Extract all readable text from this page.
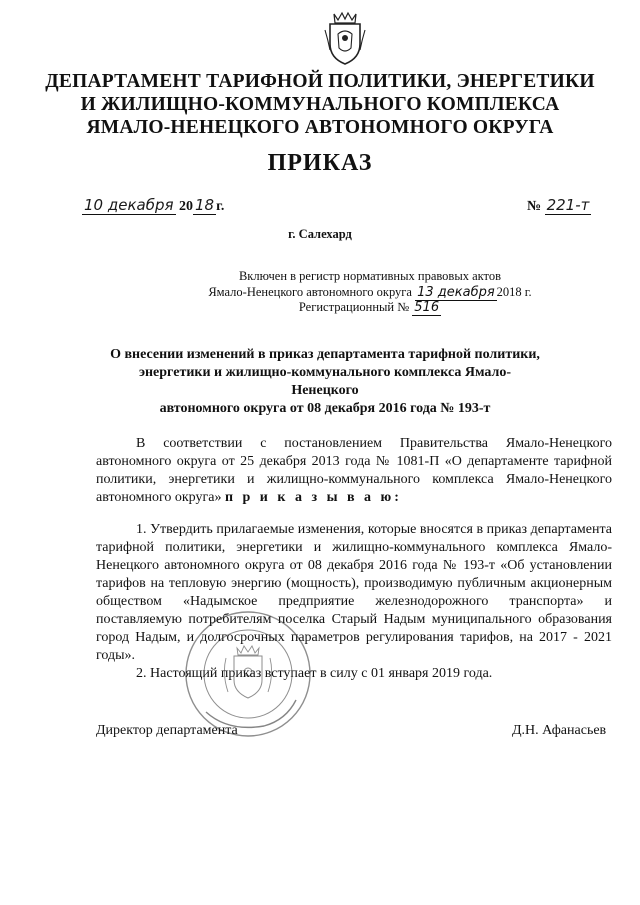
ДЕПАРТАМЕНТ ТАРИФНОЙ ПОЛИТИКИ, ЭНЕРГЕТИКИ
И ЖИЛИЩНО-КОММУНАЛЬНОГО КОМПЛЕКСА
ЯМАЛО-НЕНЕЦКОГО АВТОНОМНОГО ОКРУГА
ПРИКАЗ
10 декабря 20 18 г.	№ 221-т
г. Салехард
Включен в регистр нормативных правовых актов
Ямало-Ненецкого автономного округа 13 декабря 2018 г.
Регистрационный № 516
О внесении изменений в приказ департамента тарифной политики,
энергетики и жилищно-коммунального комплекса Ямало-Ненецкого
автономного округа от 08 декабря 2016 года № 193-т
В соответствии с постановлением Правительства Ямало-Ненецкого автономного округа от 25 декабря 2013 года № 1081-П «О департаменте тарифной политики, энергетики и жилищно-коммунального комплекса Ямало-Ненецкого автономного округа» п р и к а з ы в а ю:
1. Утвердить прилагаемые изменения, которые вносятся в приказ департамента тарифной политики, энергетики и жилищно-коммунального комплекса Ямало-Ненецкого автономного округа от 08 декабря 2016 года № 193-т «Об установлении тарифов на тепловую энергию (мощность), производимую публичным акционерным обществом «Надымское предприятие железнодорожного транспорта» и поставляемую потребителям поселка Старый Надым муниципального образования город Надым, и долгосрочных параметров регулирования тарифов, на 2017 - 2021 годы».
2. Настоящий приказ вступает в силу с 01 января 2019 года.
Директор департамента	Д.Н. Афанасьев
